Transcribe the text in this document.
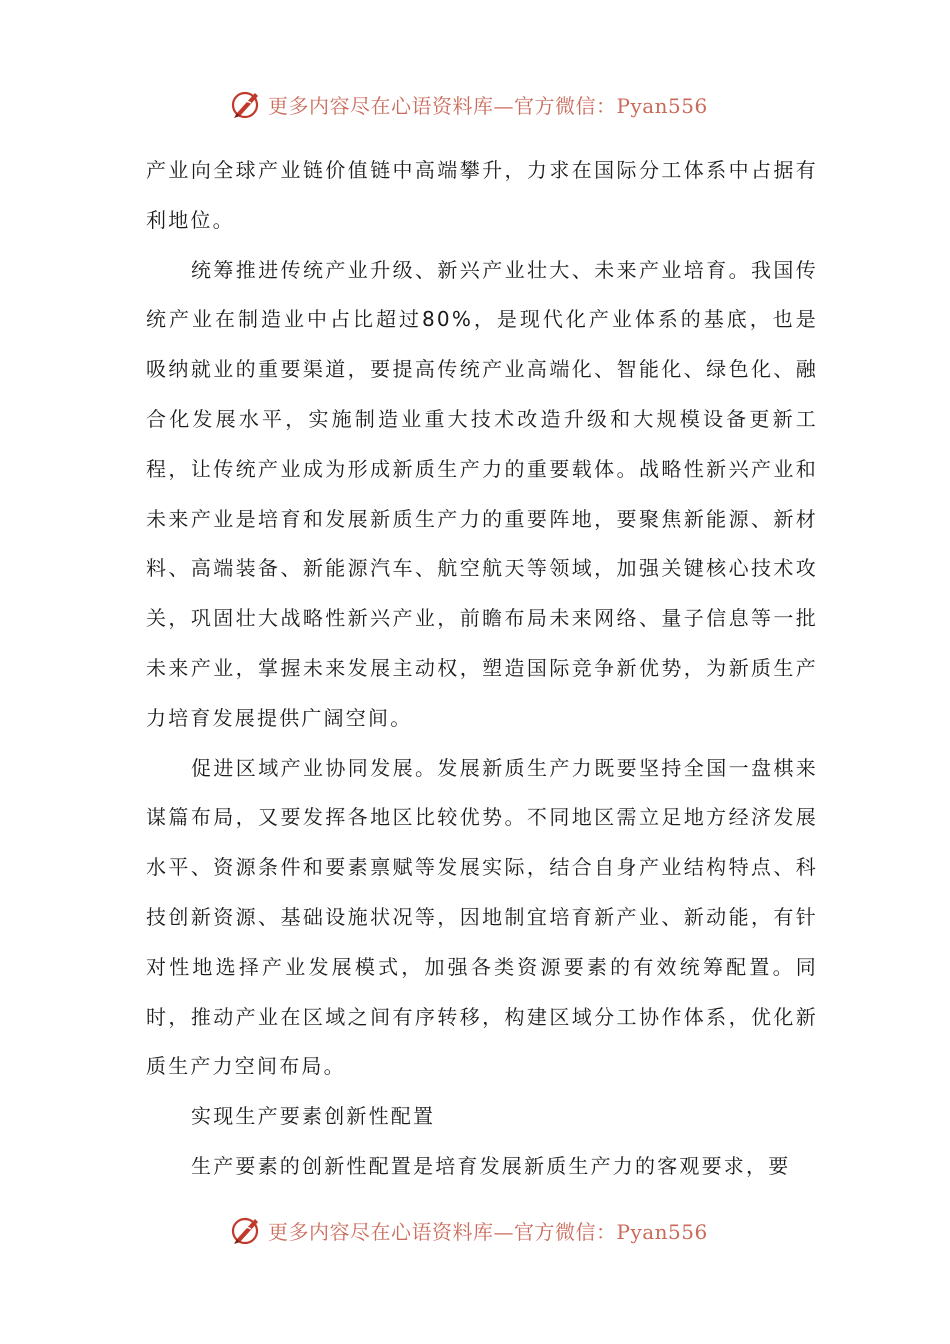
更多内容尽在心语资料库—官方微信：Pyan556

产业向全球产业链价值链中高端攀升，力求在国际分工体系中占据有利地位。

统筹推进传统产业升级、新兴产业壮大、未来产业培育。我国传统产业在制造业中占比超过80%，是现代化产业体系的基底，也是吸纳就业的重要渠道，要提高传统产业高端化、智能化、绿色化、融合化发展水平，实施制造业重大技术改造升级和大规模设备更新工程，让传统产业成为形成新质生产力的重要载体。战略性新兴产业和未来产业是培育和发展新质生产力的重要阵地，要聚焦新能源、新材料、高端装备、新能源汽车、航空航天等领域，加强关键核心技术攻关，巩固壮大战略性新兴产业，前瞻布局未来网络、量子信息等一批未来产业，掌握未来发展主动权，塑造国际竞争新优势，为新质生产力培育发展提供广阔空间。

促进区域产业协同发展。发展新质生产力既要坚持全国一盘棋来谋篇布局，又要发挥各地区比较优势。不同地区需立足地方经济发展水平、资源条件和要素禀赋等发展实际，结合自身产业结构特点、科技创新资源、基础设施状况等，因地制宜培育新产业、新动能，有针对性地选择产业发展模式，加强各类资源要素的有效统筹配置。同时，推动产业在区域之间有序转移，构建区域分工协作体系，优化新质生产力空间布局。

实现生产要素创新性配置

生产要素的创新性配置是培育发展新质生产力的客观要求，要

更多内容尽在心语资料库—官方微信：Pyan556
